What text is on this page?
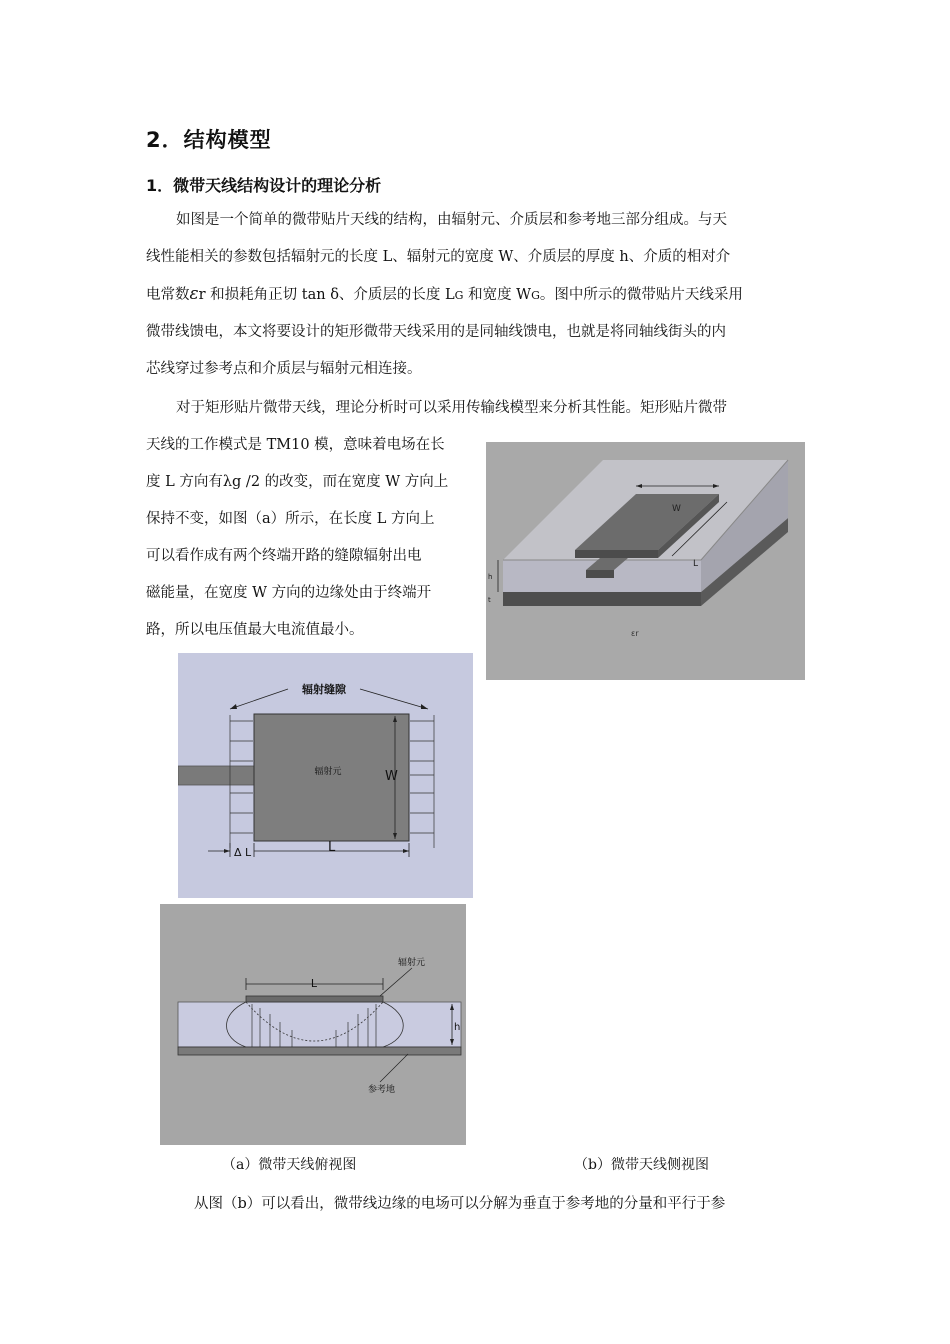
2．结构模型
1．微带天线结构设计的理论分析
如图是一个简单的微带贴片天线的结构，由辐射元、介质层和参考地三部分组成。与天
线性能相关的参数包括辐射元的长度 L、辐射元的宽度 W、介质层的厚度 h、介质的相对介
电常数εr 和损耗角正切 tan δ、介质层的长度 LG 和宽度 WG。图中所示的微带贴片天线采用
微带线馈电，本文将要设计的矩形微带天线采用的是同轴线馈电，也就是将同轴线街头的内
芯线穿过参考点和介质层与辐射元相连接。
对于矩形贴片微带天线，理论分析时可以采用传输线模型来分析其性能。矩形贴片微带
天线的工作模式是 TM10 模，意味着电场在长
度 L 方向有λg /2 的改变，而在宽度 W 方向上
保持不变，如图（a）所示，在长度 L 方向上
可以看作成有两个终端开路的缝隙辐射出电
磁能量，在宽度 W 方向的边缘处由于终端开
路，所以电压值最大电流值最小。
W
L
h
t
εr
辐射元
辐射缝隙
W
L
Δ L
L
辐射元
h
参考地
（a）微带天线俯视图	（b）微带天线侧视图
从图（b）可以看出，微带线边缘的电场可以分解为垂直于参考地的分量和平行于参
